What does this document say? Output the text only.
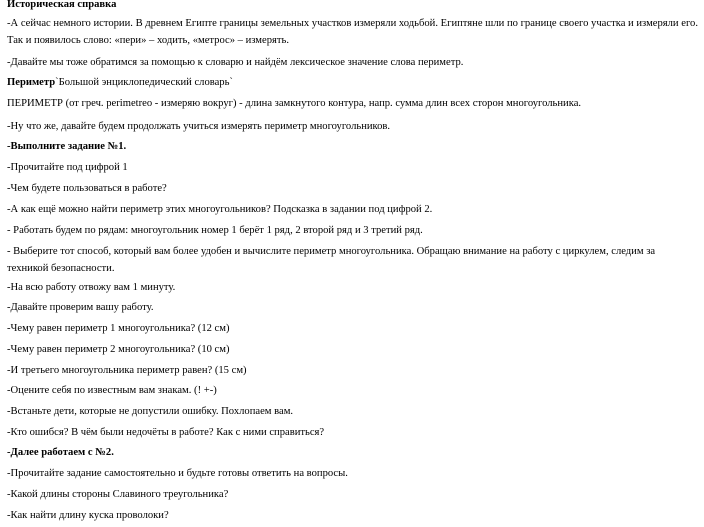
Историческая справка
-А сейчас немного истории. В древнем Египте границы земельных участков измеряли ходьбой. Египтяне шли по границе своего участка и измеряли его. Так и появилось слово: «пери» – ходить, «метрос» – измерять.
-Давайте мы тоже обратимся за помощью к словарю и найдём лексическое значение слова периметр.
Периметр`Большой энциклопедический словарь`
ПЕРИМЕТР (от греч. perimetreo - измеряю вокруг) - длина замкнутого контура, напр. сумма длин всех сторон многоугольника.
-Ну что же, давайте будем продолжать учиться измерять периметр многоугольников.
-Выполните задание №1.
-Прочитайте под цифрой 1
-Чем будете пользоваться в работе?
-А как ещё можно найти периметр этих многоугольников? Подсказка в задании под цифрой 2.
- Работать будем по рядам: многоугольник номер 1 берёт 1 ряд, 2 второй ряд и 3 третий ряд.
- Выберите тот способ, который вам более удобен и вычислите периметр многоугольника. Обращаю внимание на работу с циркулем, следим за техникой безопасности.
-На всю работу отвожу вам 1 минуту.
-Давайте проверим вашу работу.
-Чему равен периметр 1 многоугольника? (12 см)
-Чему равен периметр 2 многоугольника? (10 см)
-И третьего многоугольника периметр равен? (15 см)
-Оцените себя по известным вам знакам. (! +-)
-Встаньте дети, которые не допустили ошибку. Похлопаем вам.
-Кто ошибся? В чём были недочёты в работе? Как с ними справиться?
-Далее работаем с №2.
-Прочитайте задание самостоятельно и будьте готовы ответить на вопросы.
-Какой длины стороны Славиного треугольника?
-Как найти длину куска проволоки?
